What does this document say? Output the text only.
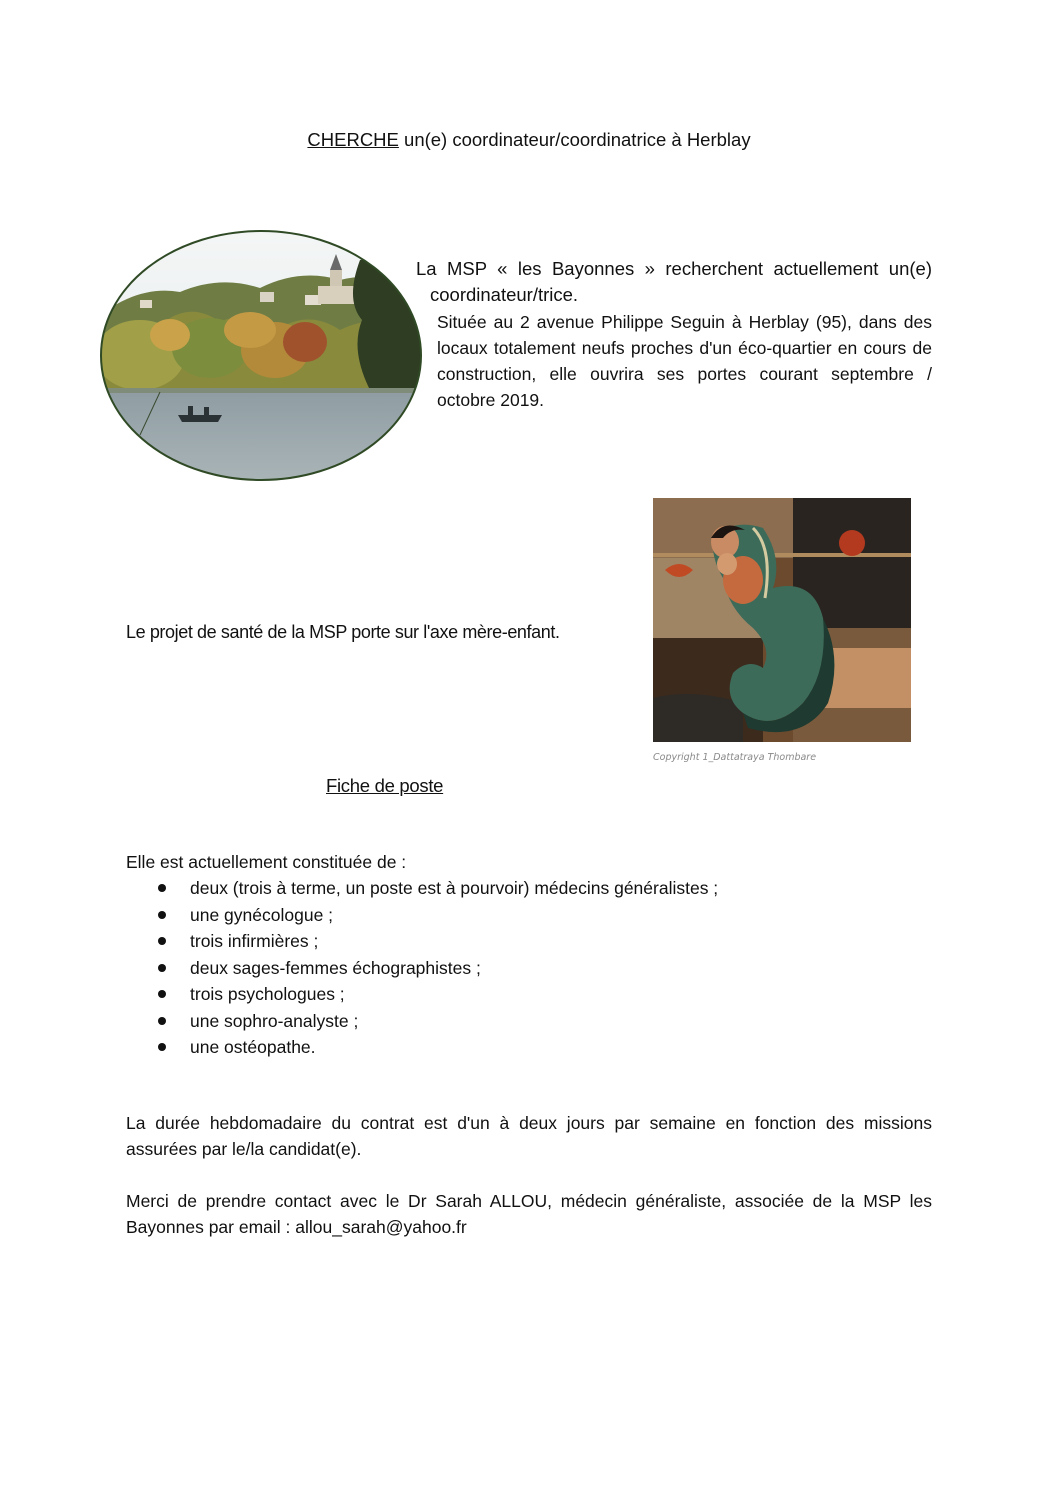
CHERCHE un(e) coordinateur/coordinatrice à Herblay
La MSP « les Bayonnes » recherchent actuellement un(e)
coordinateur/trice.

Située au 2 avenue Philippe Seguin à Herblay (95), dans des locaux totalement neufs proches d'un éco-quartier en cours de construction, elle ouvrira ses portes courant septembre / octobre 2019.

Copyright 1_Dattatraya Thombare
Le projet de santé de la MSP porte sur l'axe mère-enfant.
Fiche de poste
Elle est actuellement constituée de :
deux (trois à terme, un poste est à pourvoir) médecins généralistes ;
une gynécologue ;
trois infirmières ;
deux sages-femmes échographistes ;
trois psychologues ;
une sophro-analyste ;
une ostéopathe.

La durée hebdomadaire du contrat est d'un à deux jours par semaine en fonction des missions assurées par le/la candidat(e).

Merci de prendre contact avec le Dr Sarah ALLOU, médecin généraliste, associée de la MSP les Bayonnes par email : allou_sarah@yahoo.fr
